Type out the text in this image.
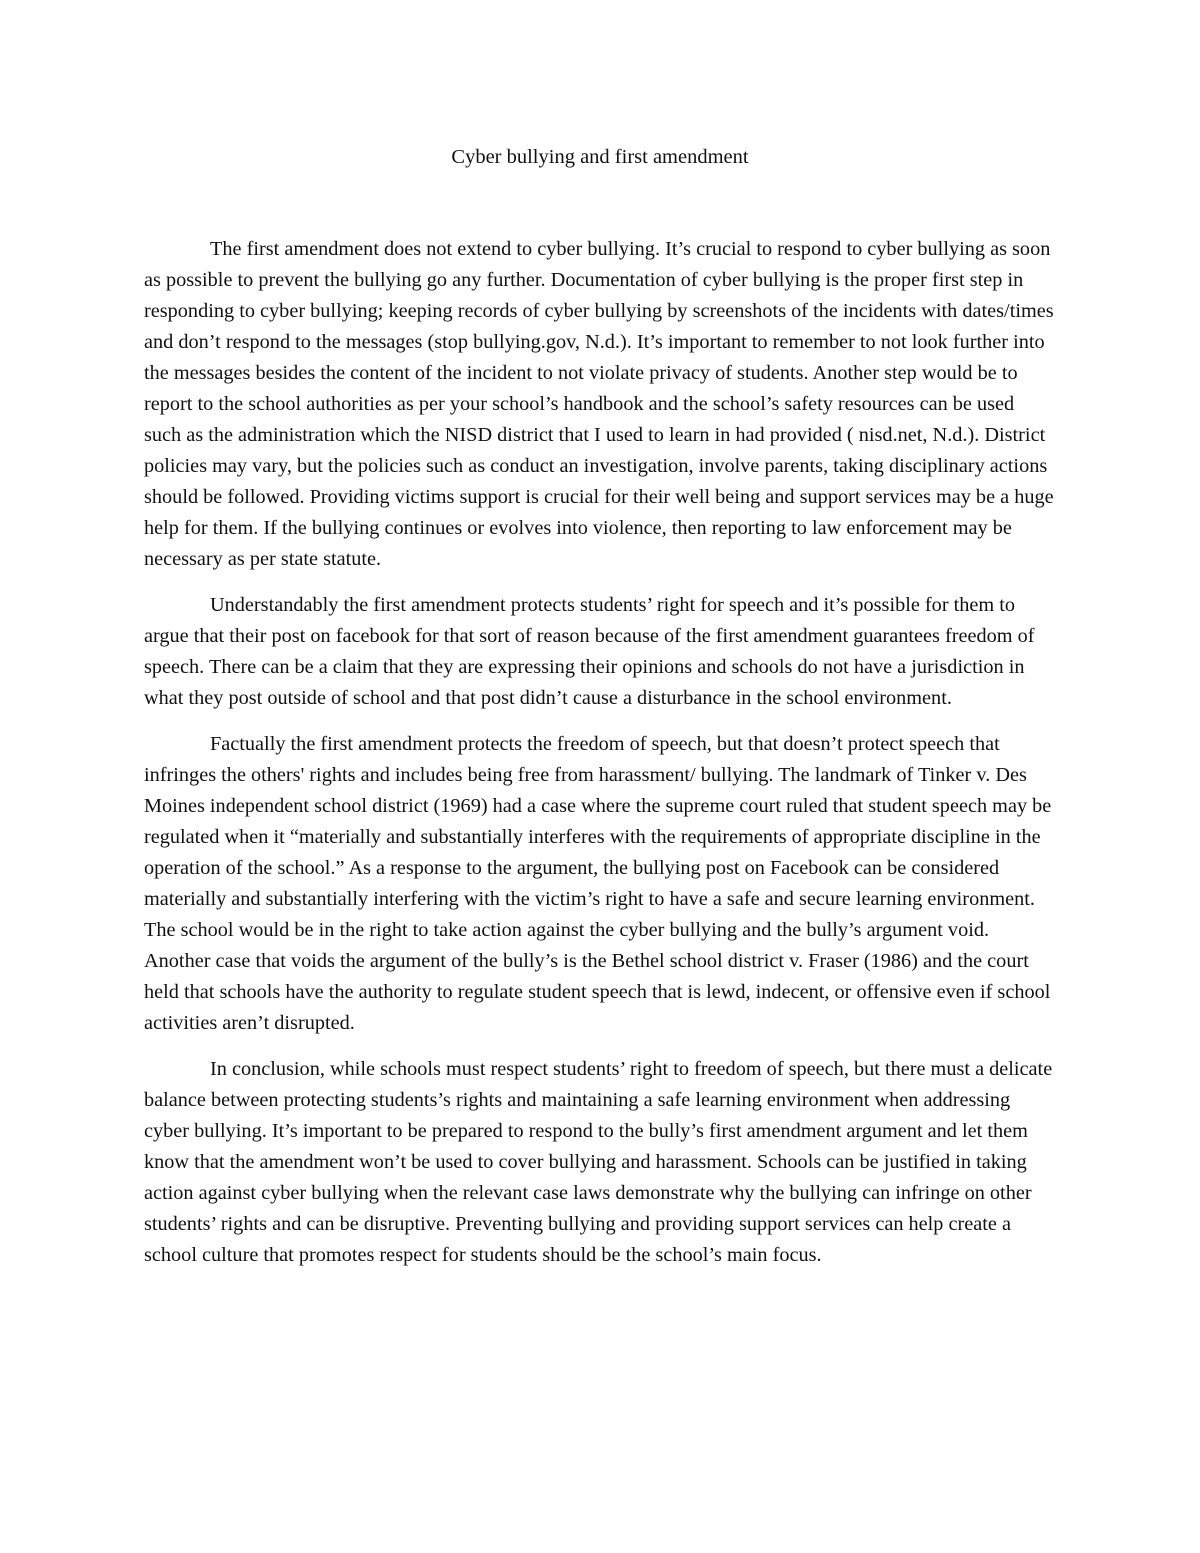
Cyber bullying and first amendment

The first amendment does not extend to cyber bullying. It’s crucial to respond to cyber bullying as soon as possible to prevent the bullying go any further. Documentation of cyber bullying is the proper first step in responding to cyber bullying; keeping records of cyber bullying by screenshots of the incidents with dates/times and don’t respond to the messages (stop bullying.gov, N.d.). It’s important to remember to not look further into the messages besides the content of the incident to not violate privacy of students. Another step would be to report to the school authorities as per your school’s handbook and the school’s safety resources can be used such as the administration which the NISD district that I used to learn in had provided ( nisd.net, N.d.). District policies may vary, but the policies such as conduct an investigation, involve parents, taking disciplinary actions should be followed. Providing victims support is crucial for their well being and support services may be a huge help for them. If the bullying continues or evolves into violence, then reporting to law enforcement may be necessary as per state statute.

Understandably the first amendment protects students’ right for speech and it’s possible for them to argue that their post on facebook for that sort of reason because of the first amendment guarantees freedom of speech. There can be a claim that they are expressing their opinions and schools do not have a jurisdiction in what they post outside of school and that post didn’t cause a disturbance in the school environment.

Factually the first amendment protects the freedom of speech, but that doesn’t protect speech that infringes the others' rights and includes being free from harassment/ bullying. The landmark of Tinker v. Des Moines independent school district (1969) had a case where the supreme court ruled that student speech may be regulated when it “materially and substantially interferes with the requirements of appropriate discipline in the operation of the school.” As a response to the argument, the bullying post on Facebook can be considered materially and substantially interfering with the victim’s right to have a safe and secure learning environment. The school would be in the right to take action against the cyber bullying and the bully’s argument void. Another case that voids the argument of the bully’s is the Bethel school district v. Fraser (1986) and the court held that schools have the authority to regulate student speech that is lewd, indecent, or offensive even if school activities aren’t disrupted.

In conclusion, while schools must respect students’ right to freedom of speech, but there must a delicate balance between protecting students’s rights and maintaining a safe learning environment when addressing cyber bullying. It’s important to be prepared to respond to the bully’s first amendment argument and let them know that the amendment won’t be used to cover bullying and harassment. Schools can be justified in taking action against cyber bullying when the relevant case laws demonstrate why the bullying can infringe on other students’ rights and can be disruptive. Preventing bullying and providing support services can help create a school culture that promotes respect for students should be the school’s main focus.
